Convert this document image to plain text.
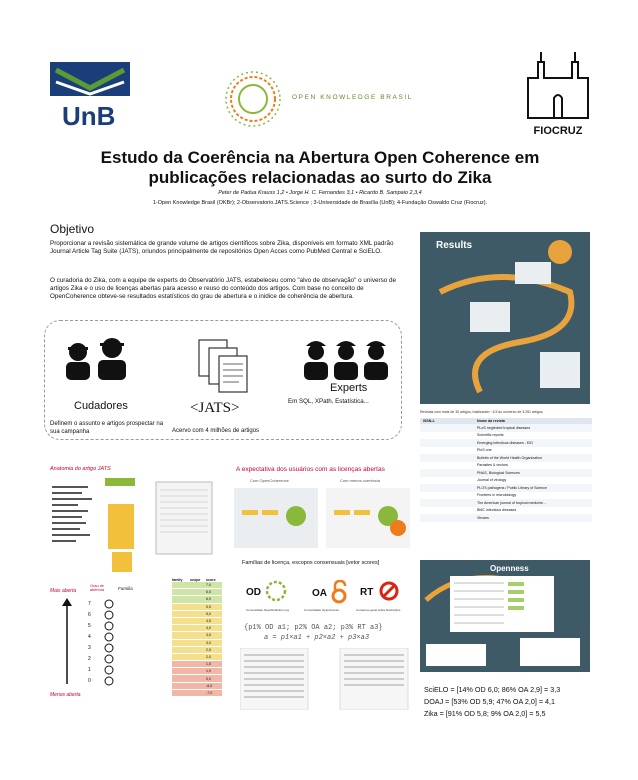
UnB
OPEN KNOWLEDGE BRASIL
FIOCRUZ
Estudo da Coerência na Abertura Open Coherence em
publicações relacionadas ao surto do Zika
Peter de Padua Krauss 1,2 • Jorge H. C. Fernandes 3,1 • Ricardo B. Sampaio 2,3,4
1-Open Knowledge Brasil (OKBr); 2-Observatorio.JATS.Science ; 3-Universidade de Brasília (UnB); 4-Fundação Oswaldo Cruz (Fiocruz).
Objetivo
Proporcionar a revisão sistemática de grande volume de artigos científicos sobre Zika, disponíveis em formato XML padrão Journal Article Tag Suite (JATS), oriundos principalmente de repositórios Open Acces como PubMed Central e SciELO.
O curadoria do Zika, com a equipe de experts do Observatório JATS, estabeleceu como "alvo de observação" o universo de artigos Zika e o uso de licenças abertas para acesso e reuso do conteúdo dos artigos. Com base no conceito de OpenCoherence obteve-se resultados estatísticos do grau de abertura e o inidice de coherência de abertura.
Cudadores
Definem o assunto e artigos prospectar na sua campanha
<JATS>
Acervo com 4 milhões de artigos
Experts
Em SQL, XPath, Estatística...
Results
Revistas com mais de 30 artigos, totalizando ~1/3 do universo de 3.251 artigos.
ISSN-L	Nome da revista
PLoS neglected tropical diseases
Scientific reports
Emerging infectious diseases - EID
PloS one
Bulletin of the World Health Organization
Parasites & vectors
PNAS, Biological Sciences
Journal of virology
PLOS pathogens / Public Library of Science
Frontiers in microbiology
The American journal of tropical medicine...
BMC infectious diseases
Viruses
Anatomia do artigo JATS	A expectativa dos usuários com as licenças abertas
Com OpenCoherence	Com menos coerência
Famílias de licença, escopos consensuais [vetor scores]
OD	OA	RT
Comunidade OpenDefinition.org	Comunidade OpenAccess	Consenso geral sobre Restrições
{p1% OD a1; p2% OA a2; p3% RT a3}
a = p1×a1 + p2×a2 + p3×a3
Mais aberta
Grau de abertura	Família
Menos aberta
7
6
5
4
3
2
1
0
family	scope	score
7,0
6,5
6,0
5,5
5,0
4,5
4,0
3,5
3,0
2,5
2,0
1,5
1,0
0,0
-6,0
-7,0
Openness
SciELO = [14% OD 6,0; 86% OA 2,9] = 3,3
DOAJ = [53% OD 5,9; 47% OA 2,0] = 4,1
Zika = [91% OD 5,8; 9% OA 2,0] = 5,5
